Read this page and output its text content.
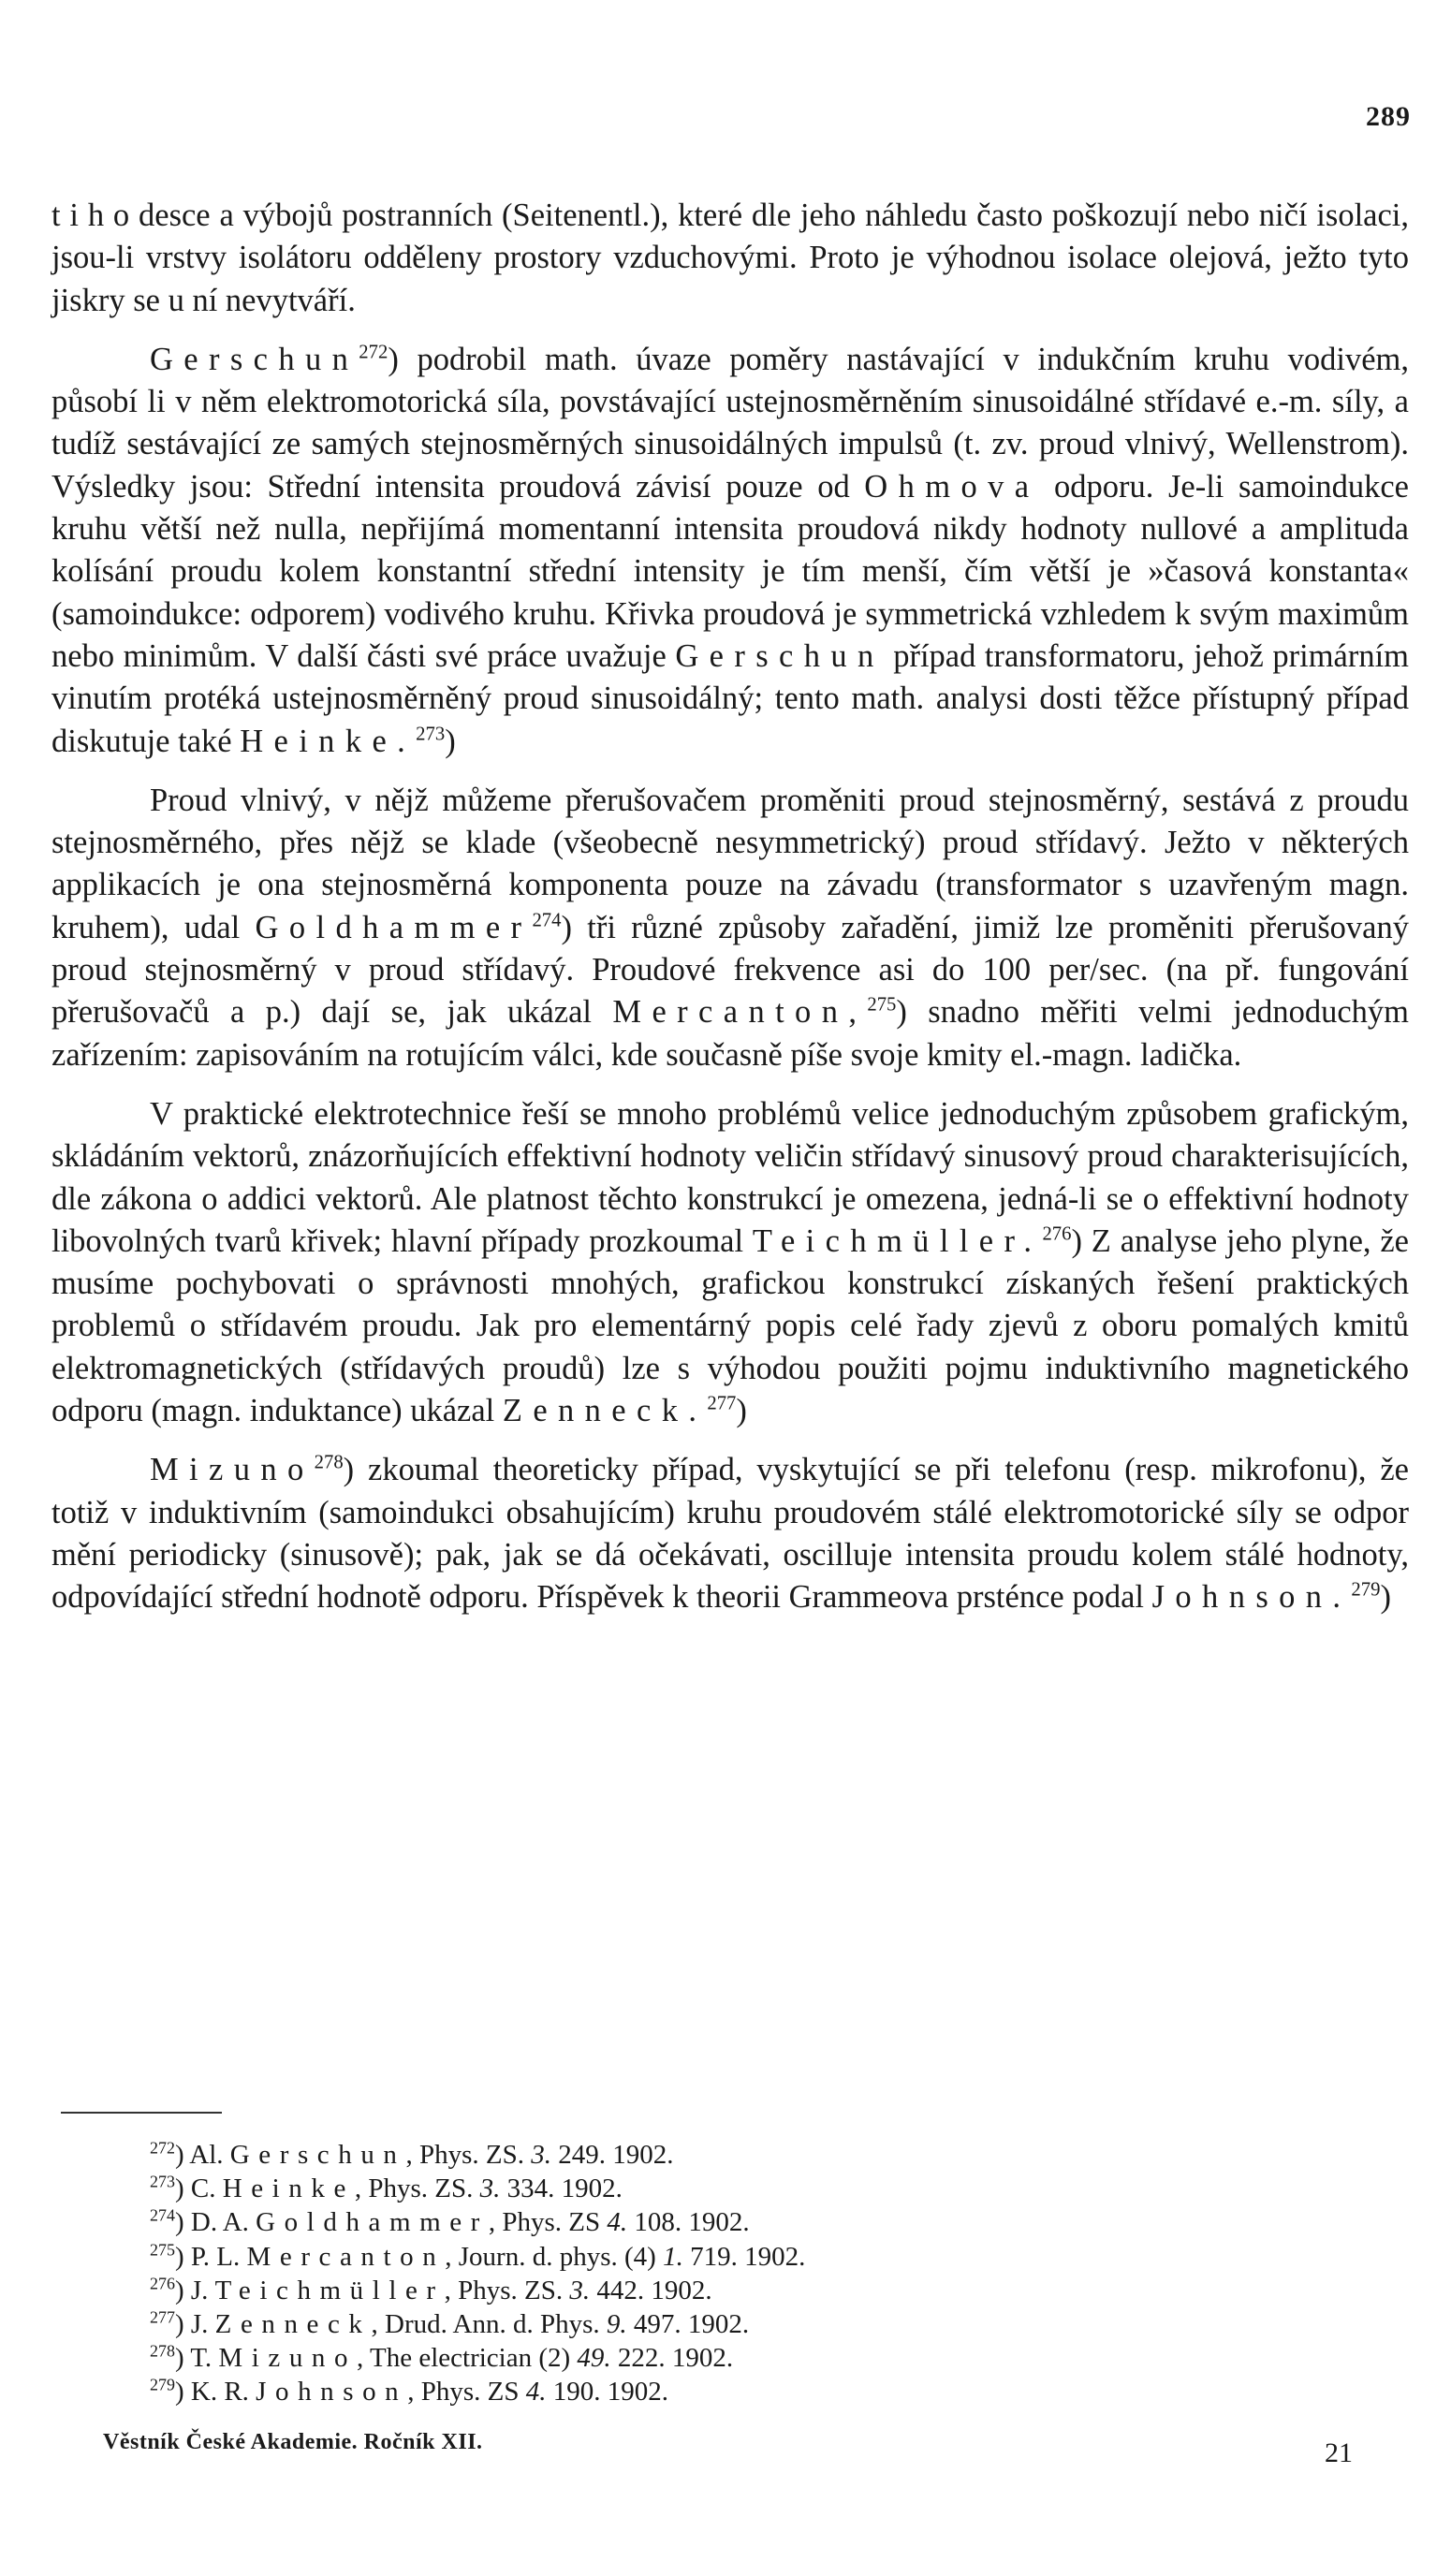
289

t i h o desce a výbojů postranních (Seitenentl.), které dle jeho náhledu často poškozují nebo ničí isolaci, jsou-li vrstvy isolátoru odděleny prostory vzduchovými. Proto je výhodnou isolace olejová, ježto tyto jiskry se u ní nevytváří.

Gerschun$^{272}$) podrobil math. úvaze poměry nastávající v indukčním kruhu vodivém, působí li v něm elektromotorická síla, povstávající ustejnosměrněním sinusoidálné střídavé e.-m. síly, a tudíž sestávající ze samých stejnosměrných sinusoidálných impulsů (t. zv. proud vlnivý, Wellenstrom). Výsledky jsou: Střední intensita proudová závisí pouze od Ohmova odporu. Je-li samoindukce kruhu větší než nulla, nepřijímá momentanní intensita proudová nikdy hodnoty nullové a amplituda kolísání proudu kolem konstantní střední intensity je tím menší, čím větší je »časová konstanta« (samoindukce: odporem) vodivého kruhu. Křivka proudová je symmetrická vzhledem k svým maximům nebo minimům. V další části své práce uvažuje Gerschun případ transformatoru, jehož primárním vinutím protéká ustejnosměrněný proud sinusoidálný; tento math. analysi dosti těžce přístupný případ diskutuje také Heinke.$^{273}$)

Proud vlnivý, v nějž můžeme přerušovačem proměniti proud stejnosměrný, sestává z proudu stejnosměrného, přes nějž se klade (všeobecně nesymmetrický) proud střídavý. Ježto v některých applikacích je ona stejnosměrná komponenta pouze na závadu (transformator s uzavřeným magn. kruhem), udal Goldhammer$^{274}$) tři různé způsoby zařadění, jimiž lze proměniti přerušovaný proud stejnosměrný v proud střídavý. Proudové frekvence asi do 100 per/sec. (na př. fungování přerušovačů a p.) dají se, jak ukázal Mercanton,$^{275}$) snadno měřiti velmi jednoduchým zařízením: zapisováním na rotujícím válci, kde současně píše svoje kmity el.-magn. ladička.

V praktické elektrotechnice řeší se mnoho problémů velice jednoduchým způsobem grafickým, skládáním vektorů, znázorňujících effektivní hodnoty veličin střídavý sinusový proud charakterisujících, dle zákona o addici vektorů. Ale platnost těchto konstrukcí je omezena, jedná-li se o effektivní hodnoty libovolných tvarů křivek; hlavní případy prozkoumal Teichmüller.$^{276}$) Z analyse jeho plyne, že musíme pochybovati o správnosti mnohých, grafickou konstrukcí získaných řešení praktických problemů o střídavém proudu. Jak pro elementárný popis celé řady zjevů z oboru pomalých kmitů elektromagnetických (střídavých proudů) lze s výhodou použiti pojmu induktivního magnetického odporu (magn. induktance) ukázal Zenneck.$^{277}$)

Mizuno$^{278}$) zkoumal theoreticky případ, vyskytující se při telefonu (resp. mikrofonu), že totiž v induktivním (samoindukci obsahujícím) kruhu proudovém stálé elektromotorické síly se odpor mění periodicky (sinusově); pak, jak se dá očekávati, oscilluje intensita proudu kolem stálé hodnoty, odpovídající střední hodnotě odporu. Příspěvek k theorii Grammeova prsténce podal Johnson.$^{279}$)

$^{272}$) Al. Gerschun, Phys. ZS. 3. 249. 1902.
$^{273}$) C. Heinke, Phys. ZS. 3. 334. 1902.
$^{274}$) D. A. Goldhammer, Phys. ZS 4. 108. 1902.
$^{275}$) P. L. Mercanton, Journ. d. phys. (4) 1. 719. 1902.
$^{276}$) J. Teichmüller, Phys. ZS. 3. 442. 1902.
$^{277}$) J. Zenneck, Drud. Ann. d. Phys. 9. 497. 1902.
$^{278}$) T. Mizuno, The electrician (2) 49. 222. 1902.
$^{279}$) K. R. Johnson, Phys. ZS 4. 190. 1902.
Věstník České Akademie. Ročník XII.	21
